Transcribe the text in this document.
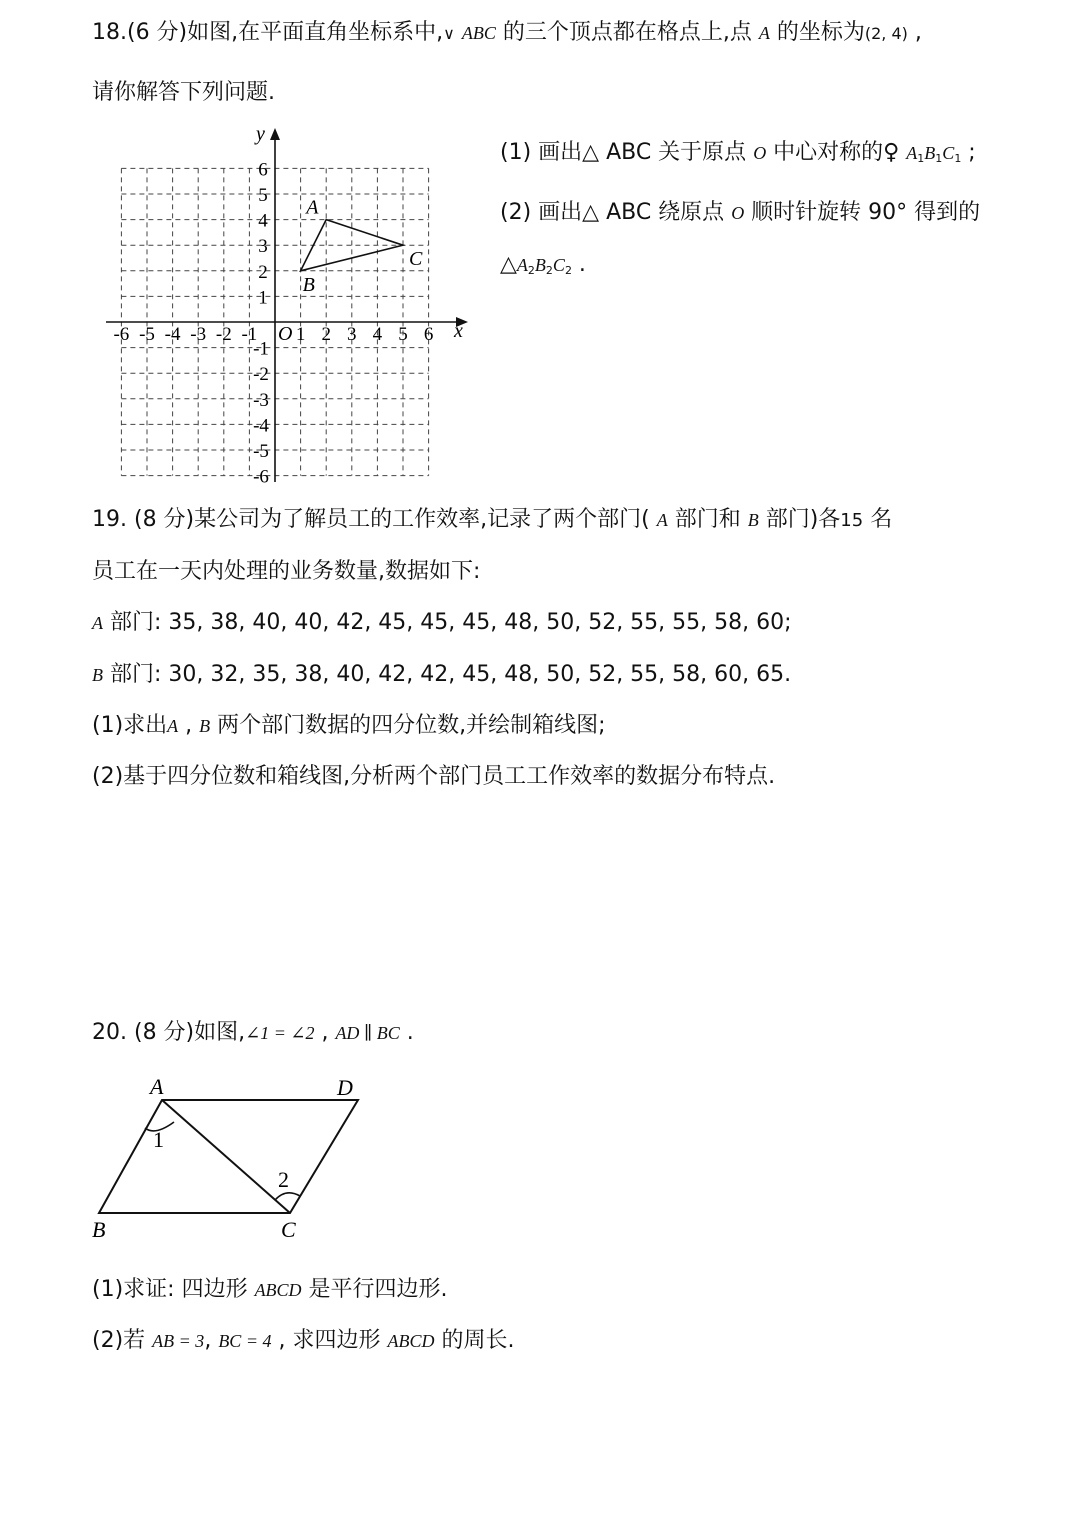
18.(6 分)如图,在平面直角坐标系中,∨ ABC 的三个顶点都在格点上,点 A 的坐标为(2, 4) ,
请你解答下列问题.
(1) 画出△ ABC 关于原点 O 中心对称的♀ $A_1B_1C_1$ ;
(2) 画出△ ABC 绕原点 O 顺时针旋转 90° 得到的
$\triangle A_2B_2C_2$ .
x
y
O 1
1
2
2
3
3
4
4
5
5
6
6
-1
-1
-2
-2
-3
-3
-4
-4
-5
-5
-6
-6
A
B
C
19. (8 分)某公司为了解员工的工作效率,记录了两个部门( A 部门和 B 部门)各15 名
员工在一天内处理的业务数量,数据如下:
A 部门: 35, 38, 40, 40, 42, 45, 45, 45, 48, 50, 52, 55, 55, 58, 60;
B 部门: 30, 32, 35, 38, 40, 42, 42, 45, 48, 50, 52, 55, 58, 60, 65.
(1)求出A , B 两个部门数据的四分位数,并绘制箱线图;
(2)基于四分位数和箱线图,分析两个部门员工工作效率的数据分布特点.
20. (8 分)如图,∠1 = ∠2 , AD ∥ BC .
A	D
B	C
1
2
(1)求证: 四边形 ABCD 是平行四边形.
(2)若 AB = 3, BC = 4 , 求四边形 ABCD 的周长.
